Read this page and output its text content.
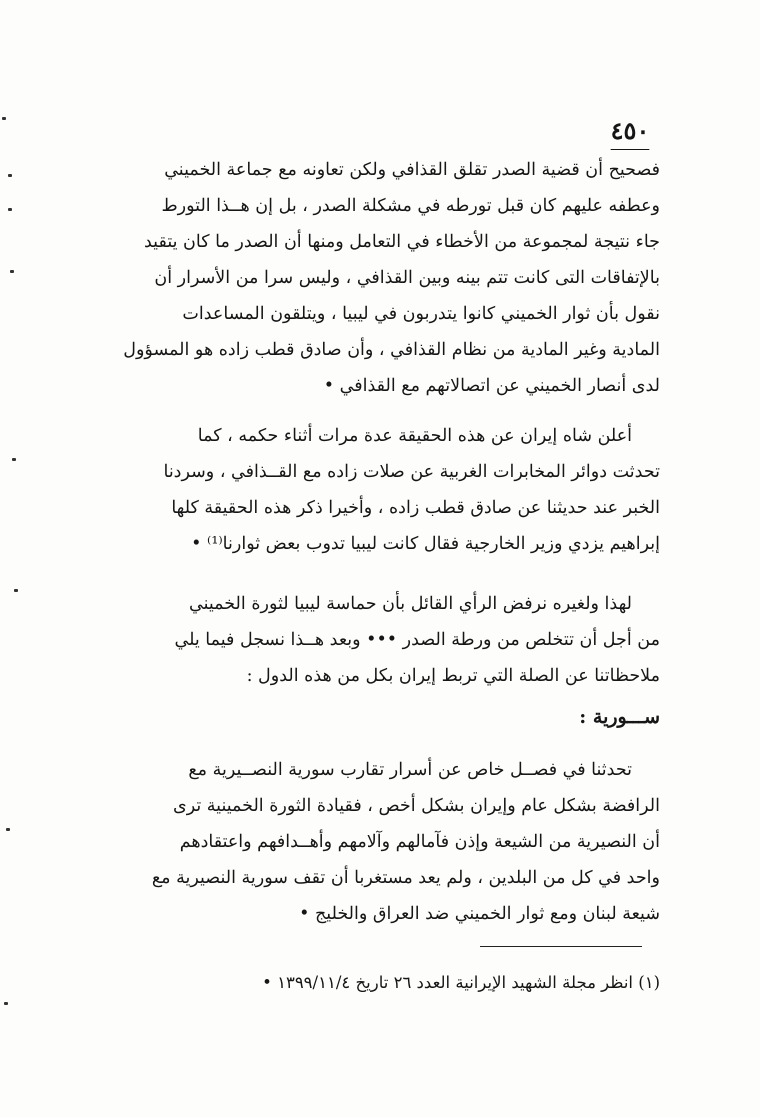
٤٥٠

فصحيح أن قضية الصدر تقلق القذافي ولكن تعاونه مع جماعة الخميني

وعطفه عليهم كان قبل تورطه في مشكلة الصدر ، بل إن هــذا التورط

جاء نتيجة لمجموعة من الأخطاء في التعامل ومنها أن الصدر ما كان يتقيد

بالإتفاقات التى كانت تتم بينه وبين القذافي ، وليس سرا من الأسرار أن

نقول بأن ثوار الخميني كانوا يتدربون في ليبيا ، ويتلقون المساعدات

المادية وغير المادية من نظام القذافي ، وأن صادق قطب زاده هو المسؤول

لدى أنصار الخميني عن اتصالاتهم مع القذافي •

أعلن شاه إيران عن هذه الحقيقة عدة مرات أثناء حكمه ، كما

تحدثت دوائر المخابرات الغربية عن صلات زاده مع القــذافي ، وسردنا

الخبر عند حديثنا عن صادق قطب زاده ، وأخيرا ذكر هذه الحقيقة كلها

إبراهيم يزدي وزير الخارجية فقال كانت ليبيا تدوب بعض ثوارنا⁽¹⁾ •

لهذا ولغيره نرفض الرأي القائل بأن حماسة ليبيا لثورة الخميني

من أجل أن تتخلص من ورطة الصدر ••• وبعد هــذا نسجل فيما يلي

ملاحظاتنا عن الصلة التي تربط إيران بكل من هذه الدول :

ســـورية :

تحدثنا في فصــل خاص عن أسرار تقارب سورية النصــيرية مع

الرافضة بشكل عام وإيران بشكل أخص ، فقيادة الثورة الخمينية ترى

أن النصيرية من الشيعة وإذن فآمالهم وآلامهم وأهــدافهم واعتقادهم

واحد في كل من البلدين ، ولم يعد مستغربا أن تقف سورية النصيرية مع

شيعة لبنان ومع ثوار الخميني ضد العراق والخليج •

(١) انظر مجلة الشهيد الإيرانية العدد ٢٦ تاريخ ١٣٩٩/١١/٤ •
